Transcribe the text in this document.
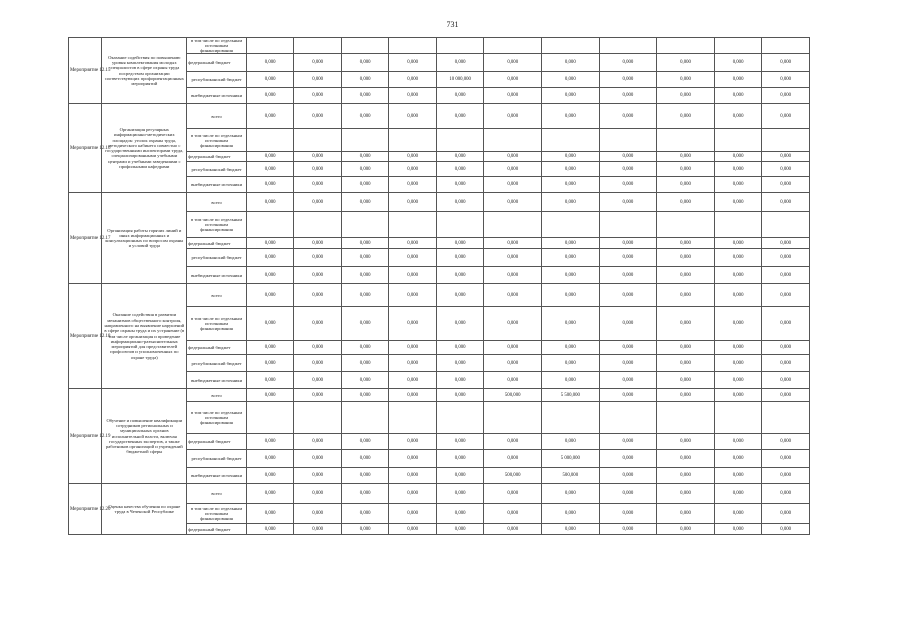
731
Мероприятие 12.15	Оказание содействия по повышению уровня комплектования молодых специалистов в сфере охраны труда посредством организации соответствующих профориентационных мероприятий	в том числе по отдельным источникам финансирования											
		федеральный бюджет	0,000	0,000	0,000	0,000	0,000	0,000	0,000	0,000	0,000	0,000	0,000
		республиканский бюджет	0,000	0,000	0,000	0,000	10 000,000	0,000	0,000	0,000	0,000	0,000	0,000
		внебюджетные источники	0,000	0,000	0,000	0,000	0,000	0,000	0,000	0,000	0,000	0,000	0,000
Мероприятие 12.16	Организация регулярных информационно-методических площадок: уголок охраны труда, методического кабинета совместно с государственными инспекторами труда, специализированными учебными центрами и учебными заведениями с профильными кафедрами	всего	0,000	0,000	0,000	0,000	0,000	0,000	0,000	0,000	0,000	0,000	0,000
		в том числе по отдельным источникам финансирования											
		федеральный бюджет	0,000	0,000	0,000	0,000	0,000	0,000	0,000	0,000	0,000	0,000	0,000
		республиканский бюджет	0,000	0,000	0,000	0,000	0,000	0,000	0,000	0,000	0,000	0,000	0,000
		внебюджетные источники	0,000	0,000	0,000	0,000	0,000	0,000	0,000	0,000	0,000	0,000	0,000
Мероприятие 12.17	Организация работы горячих линий и иных информационных и консультационных по вопросам охраны и условий труда	всего	0,000	0,000	0,000	0,000	0,000	0,000	0,000	0,000	0,000	0,000	0,000
		в том числе по отдельным источникам финансирования											
		федеральный бюджет	0,000	0,000	0,000	0,000	0,000	0,000	0,000	0,000	0,000	0,000	0,000
		республиканский бюджет	0,000	0,000	0,000	0,000	0,000	0,000	0,000	0,000	0,000	0,000	0,000
		внебюджетные источники	0,000	0,000	0,000	0,000	0,000	0,000	0,000	0,000	0,000	0,000	0,000
Мероприятие 12.18	Оказание содействия в развитии механизмов общественного контроля, направленного на выявление нарушений в сфере охраны труда и их устранение (в том числе организация и проведение информационно-разъяснительных мероприятий для представителей профсоюзов и уполномоченных по охране труда)	всего	0,000	0,000	0,000	0,000	0,000	0,000	0,000	0,000	0,000	0,000	0,000
		в том числе по отдельным источникам финансирования	0,000	0,000	0,000	0,000	0,000	0,000	0,000	0,000	0,000	0,000	0,000
		федеральный бюджет	0,000	0,000	0,000	0,000	0,000	0,000	0,000	0,000	0,000	0,000	0,000
		республиканский бюджет	0,000	0,000	0,000	0,000	0,000	0,000	0,000	0,000	0,000	0,000	0,000
		внебюджетные источники	0,000	0,000	0,000	0,000	0,000	0,000	0,000	0,000	0,000	0,000	0,000
Мероприятие 12.19	Обучение и повышение квалификации сотрудников региональных и муниципальных органов исполнительной власти, включая государственных экспертов, а также работников организаций и учреждений бюджетной сферы	всего	0,000	0,000	0,000	0,000	0,000	500,000	5 500,000	0,000	0,000	0,000	0,000
		в том числе по отдельным источникам финансирования											
		федеральный бюджет	0,000	0,000	0,000	0,000	0,000	0,000	0,000	0,000	0,000	0,000	0,000
		республиканский бюджет	0,000	0,000	0,000	0,000	0,000	0,000	5 000,000	0,000	0,000	0,000	0,000
		внебюджетные источники	0,000	0,000	0,000	0,000	0,000	500,000	500,000	0,000	0,000	0,000	0,000
Мероприятие 12.20	Оценка качества обучения по охране труда в Чеченской Республике	всего	0,000	0,000	0,000	0,000	0,000	0,000	0,000	0,000	0,000	0,000	0,000
		в том числе по отдельным источникам финансирования	0,000	0,000	0,000	0,000	0,000	0,000	0,000	0,000	0,000	0,000	0,000
		федеральный бюджет	0,000	0,000	0,000	0,000	0,000	0,000	0,000	0,000	0,000	0,000	0,000
